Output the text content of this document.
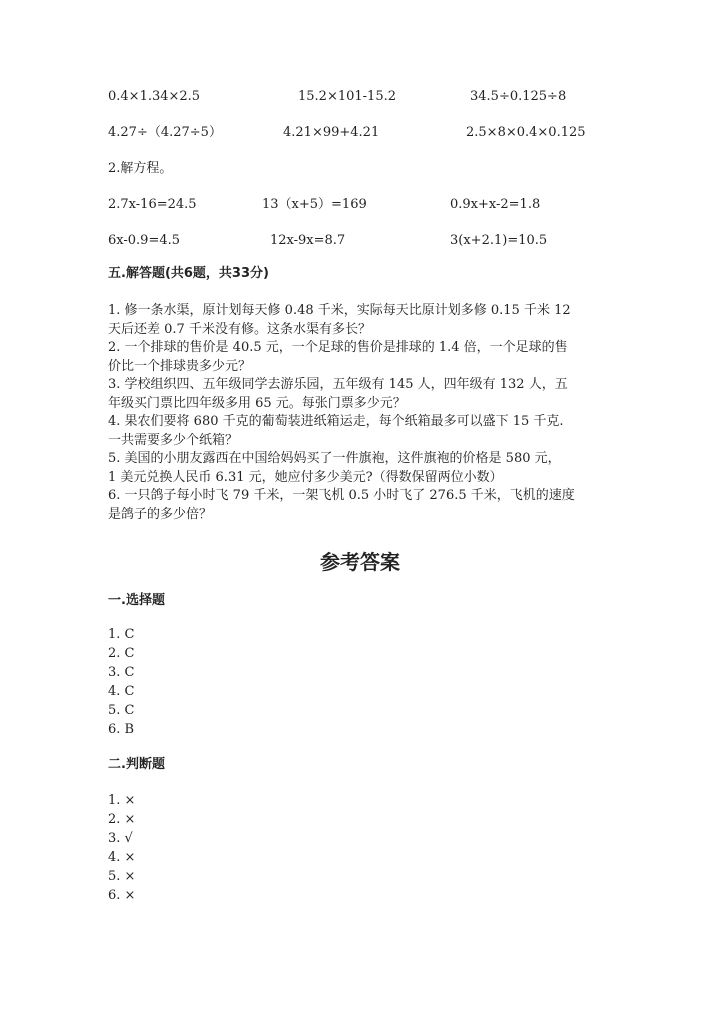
0.4×1.34×2.5	15.2×101-15.2	34.5÷0.125÷8
4.27÷（4.27÷5）	4.21×99+4.21	2.5×8×0.4×0.125
2.解方程。
2.7x-16=24.5	13（x+5）=169	0.9x+x-2=1.8
6x-0.9=4.5	12x-9x=8.7	3(x+2.1)=10.5
五.解答题(共6题，共33分)
1. 修一条水渠，原计划每天修 0.48 千米，实际每天比原计划多修 0.15 千米 12
天后还差 0.7 千米没有修。这条水渠有多长？
2. 一个排球的售价是 40.5 元，一个足球的售价是排球的 1.4 倍，一个足球的售
价比一个排球贵多少元？
3. 学校组织四、五年级同学去游乐园，五年级有 145 人，四年级有 132 人，五
年级买门票比四年级多用 65 元。每张门票多少元？
4. 果农们要将 680 千克的葡萄装进纸箱运走，每个纸箱最多可以盛下 15 千克.
一共需要多少个纸箱？
5. 美国的小朋友露西在中国给妈妈买了一件旗袍，这件旗袍的价格是 580 元，
1 美元兑换人民币 6.31 元，她应付多少美元?（得数保留两位小数）
6. 一只鸽子每小时飞 79 千米，一架飞机 0.5 小时飞了 276.5 千米，飞机的速度
是鸽子的多少倍？
参考答案
一.选择题
1. C
2. C
3. C
4. C
5. C
6. B
二.判断题
1. ×
2. ×
3. √
4. ×
5. ×
6. ×
